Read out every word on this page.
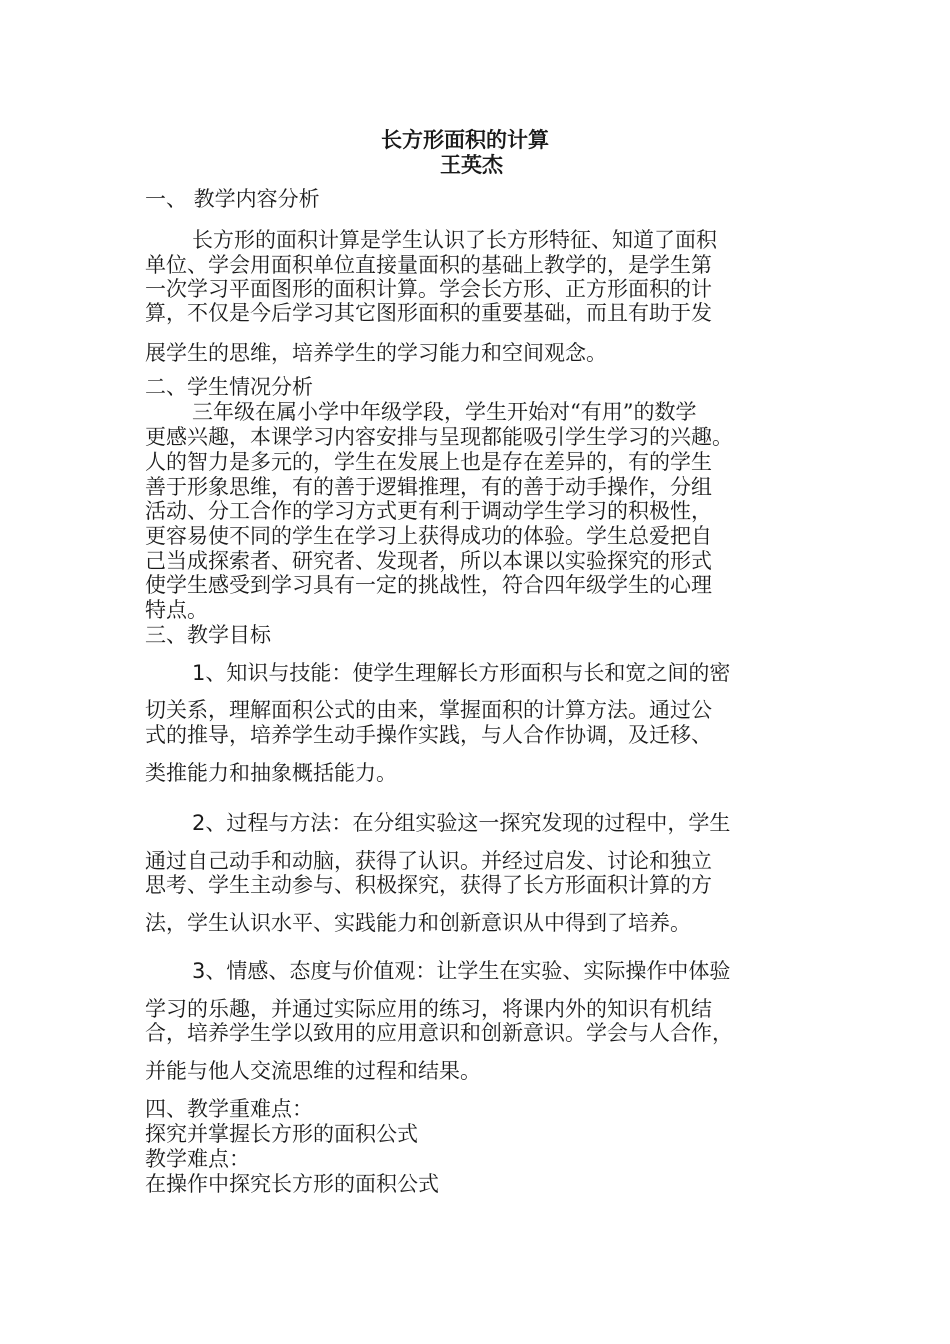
长方形面积的计算
王英杰
一、 教学内容分析
长方形的面积计算是学生认识了长方形特征、知道了面积
单位、学会用面积单位直接量面积的基础上教学的，是学生第
一次学习平面图形的面积计算。学会长方形、正方形面积的计
算，不仅是今后学习其它图形面积的重要基础，而且有助于发
展学生的思维，培养学生的学习能力和空间观念。
二、学生情况分析
三年级在属小学中年级学段，学生开始对“有用”的数学
更感兴趣，本课学习内容安排与呈现都能吸引学生学习的兴趣。
人的智力是多元的，学生在发展上也是存在差异的，有的学生
善于形象思维，有的善于逻辑推理，有的善于动手操作，分组
活动、分工合作的学习方式更有利于调动学生学习的积极性，
更容易使不同的学生在学习上获得成功的体验。学生总爱把自
己当成探索者、研究者、发现者，所以本课以实验探究的形式
使学生感受到学习具有一定的挑战性，符合四年级学生的心理
特点。
三、教学目标
1、知识与技能：使学生理解长方形面积与长和宽之间的密
切关系，理解面积公式的由来，掌握面积的计算方法。通过公
式的推导，培养学生动手操作实践，与人合作协调，及迁移、
类推能力和抽象概括能力。
2、过程与方法：在分组实验这一探究发现的过程中，学生
通过自己动手和动脑，获得了认识。并经过启发、讨论和独立
思考、学生主动参与、积极探究，获得了长方形面积计算的方
法，学生认识水平、实践能力和创新意识从中得到了培养。
3、情感、态度与价值观：让学生在实验、实际操作中体验
学习的乐趣，并通过实际应用的练习，将课内外的知识有机结
合，培养学生学以致用的应用意识和创新意识。学会与人合作，
并能与他人交流思维的过程和结果。
四、教学重难点：
探究并掌握长方形的面积公式
教学难点：
在操作中探究长方形的面积公式
